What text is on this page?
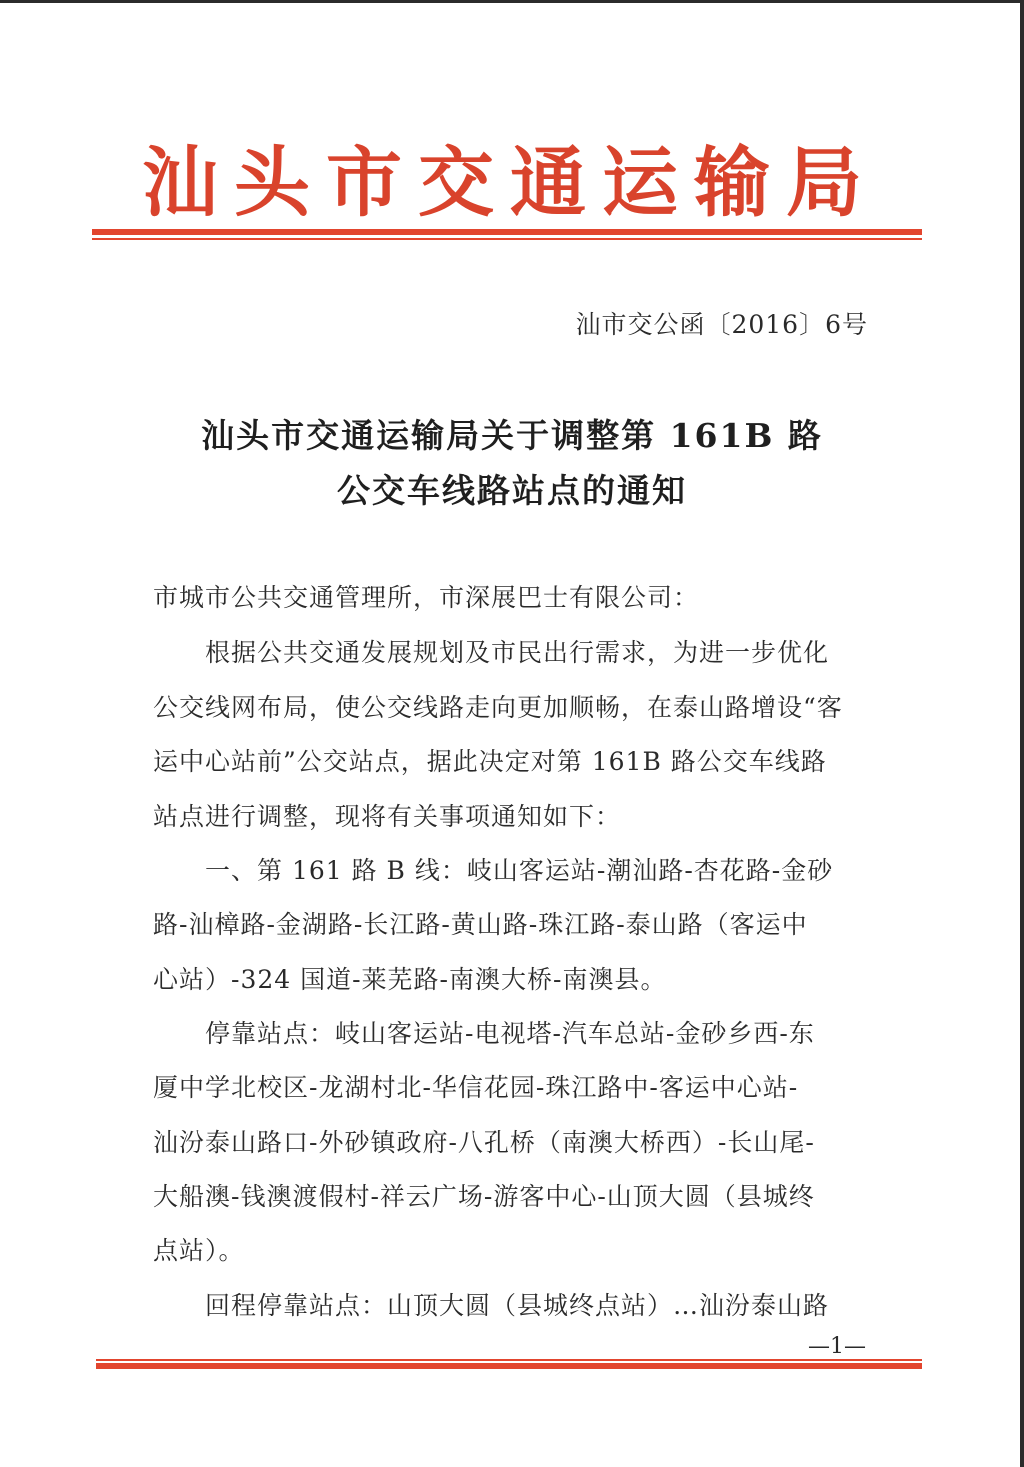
汕头市交通运输局
汕市交公函〔2016〕6号
汕头市交通运输局关于调整第 161B 路
公交车线路站点的通知
市城市公共交通管理所，市深展巴士有限公司：
根据公共交通发展规划及市民出行需求，为进一步优化
公交线网布局，使公交线路走向更加顺畅，在泰山路增设“客
运中心站前”公交站点，据此决定对第 161B 路公交车线路
站点进行调整，现将有关事项通知如下：
一、第 161 路 B 线：岐山客运站-潮汕路-杏花路-金砂
路-汕樟路-金湖路-长江路-黄山路-珠江路-泰山路（客运中
心站）-324 国道-莱芜路-南澳大桥-南澳县。
停靠站点：岐山客运站-电视塔-汽车总站-金砂乡西-东
厦中学北校区-龙湖村北-华信花园-珠江路中-客运中心站-
汕汾泰山路口-外砂镇政府-八孔桥（南澳大桥西）-长山尾-
大船澳-钱澳渡假村-祥云广场-游客中心-山顶大圆（县城终
点站）。
回程停靠站点：山顶大圆（县城终点站）…汕汾泰山路
—1—
